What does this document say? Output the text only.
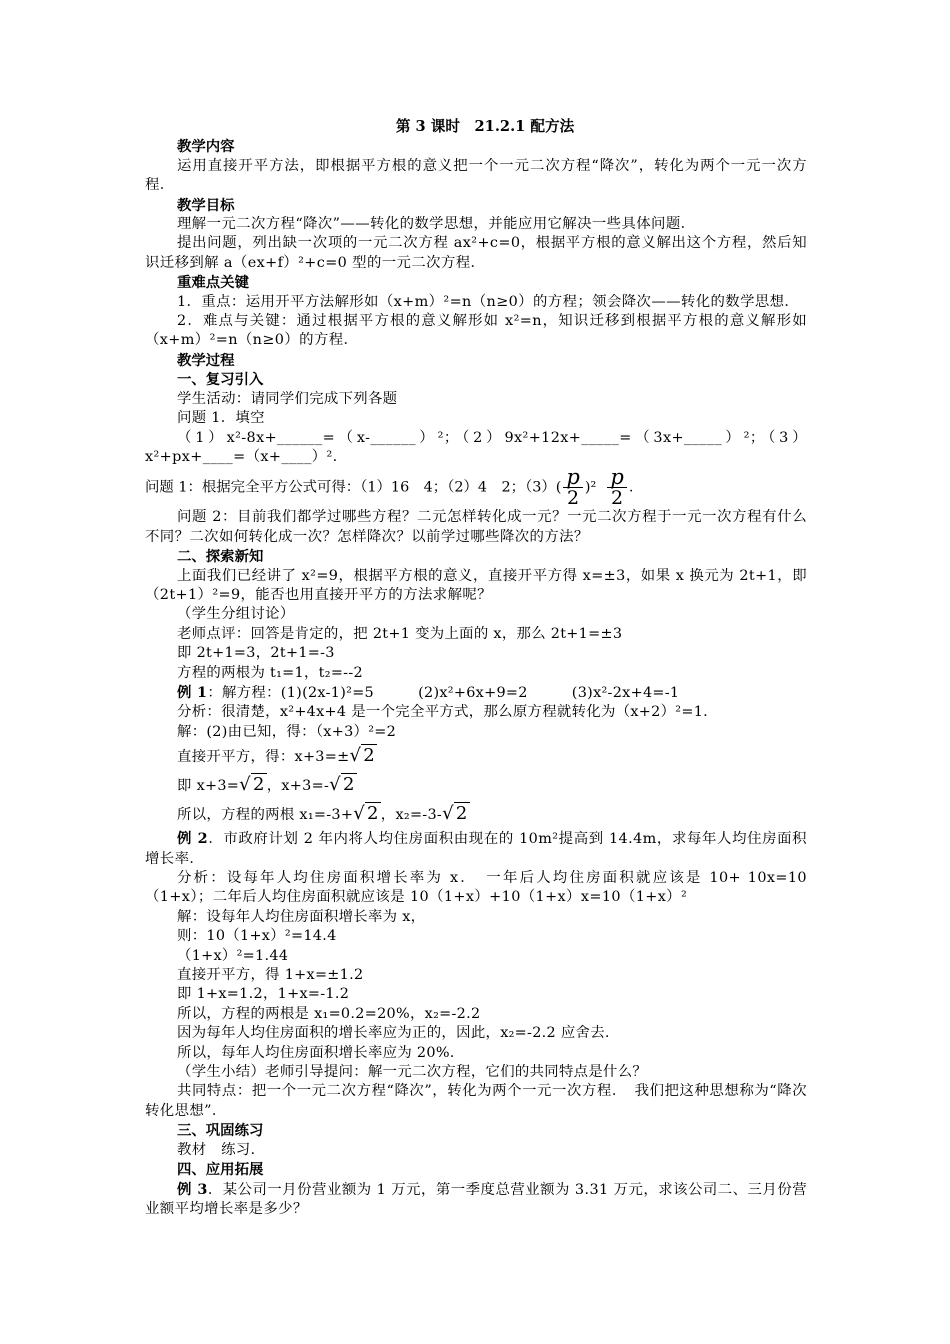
第 3 课时　21.2.1 配方法
教学内容
运用直接开平方法，即根据平方根的意义把一个一元二次方程“降次”，转化为两个一元一次方程．
教学目标
理解一元二次方程“降次”——转化的数学思想，并能应用它解决一些具体问题．
提出问题，列出缺一次项的一元二次方程 ax²+c=0，根据平方根的意义解出这个方程，然后知识迁移到解 a（ex+f）²+c=0 型的一元二次方程．
重难点关键
1．重点：运用开平方法解形如（x+m）²=n（n≥0）的方程；领会降次——转化的数学思想．
2．难点与关键：通过根据平方根的意义解形如 x²=n，知识迁移到根据平方根的意义解形如（x+m）²=n（n≥0）的方程．
教学过程
一、复习引入
学生活动：请同学们完成下列各题
问题 1．填空
（1）x²-8x+______=（x-______）²；（2）9x²+12x+_____=（3x+_____）²；（3）x²+px+____=（x+____）².
问题 1：根据完全平方公式可得：（1）16　4；（2）4　2；$(3)( \frac{p}{2} )^2 \frac{p}{2}$ .
问题 2：目前我们都学过哪些方程？二元怎样转化成一元？一元二次方程于一元一次方程有什么不同？二次如何转化成一次？怎样降次？以前学过哪些降次的方法？
二、探索新知
上面我们已经讲了 x²=9，根据平方根的意义，直接开平方得 x=±3，如果 x 换元为 2t+1，即（2t+1）²=9，能否也用直接开平方的方法求解呢？
（学生分组讨论）
老师点评：回答是肯定的，把 2t+1 变为上面的 x，那么 2t+1=±3
即 2t+1=3，2t+1=-3
方程的两根为 t₁=1，t₂=--2
例 1：解方程：(1)(2x-1)²=5　　　(2)x²+6x+9=2　　　(3)x²-2x+4=-1
分析：很清楚，x²+4x+4 是一个完全平方式，那么原方程就转化为（x+2）²=1.
解：(2)由已知，得：（x+3）²=2
直接开平方，得：x+3=±√ 2
即 x+3=√ 2 ，x+3=-√ 2
所以，方程的两根 x₁=-3+√ 2 ，x₂=-3-√ 2
例 2．市政府计划 2 年内将人均住房面积由现在的 10m²提高到 14.4m，求每年人均住房面积增长率．
分析：设每年人均住房面积增长率为 x．　一年后人均住房面积就应该是 10+ 10x=10（1+x）；二年后人均住房面积就应该是 10（1+x）+10（1+x）x=10（1+x）²
解：设每年人均住房面积增长率为 x，
则：10（1+x）²=14.4
（1+x）²=1.44
直接开平方，得 1+x=±1.2
即 1+x=1.2，1+x=-1.2
所以，方程的两根是 x₁=0.2=20%，x₂=-2.2
因为每年人均住房面积的增长率应为正的，因此，x₂=-2.2 应舍去.
所以，每年人均住房面积增长率应为 20%.
（学生小结）老师引导提问：解一元二次方程，它们的共同特点是什么？
共同特点：把一个一元二次方程“降次”，转化为两个一元一次方程．　我们把这种思想称为“降次转化思想”．
三、巩固练习
教材　练习.
四、应用拓展
例 3．某公司一月份营业额为 1 万元，第一季度总营业额为 3.31 万元，求该公司二、三月份营业额平均增长率是多少？
